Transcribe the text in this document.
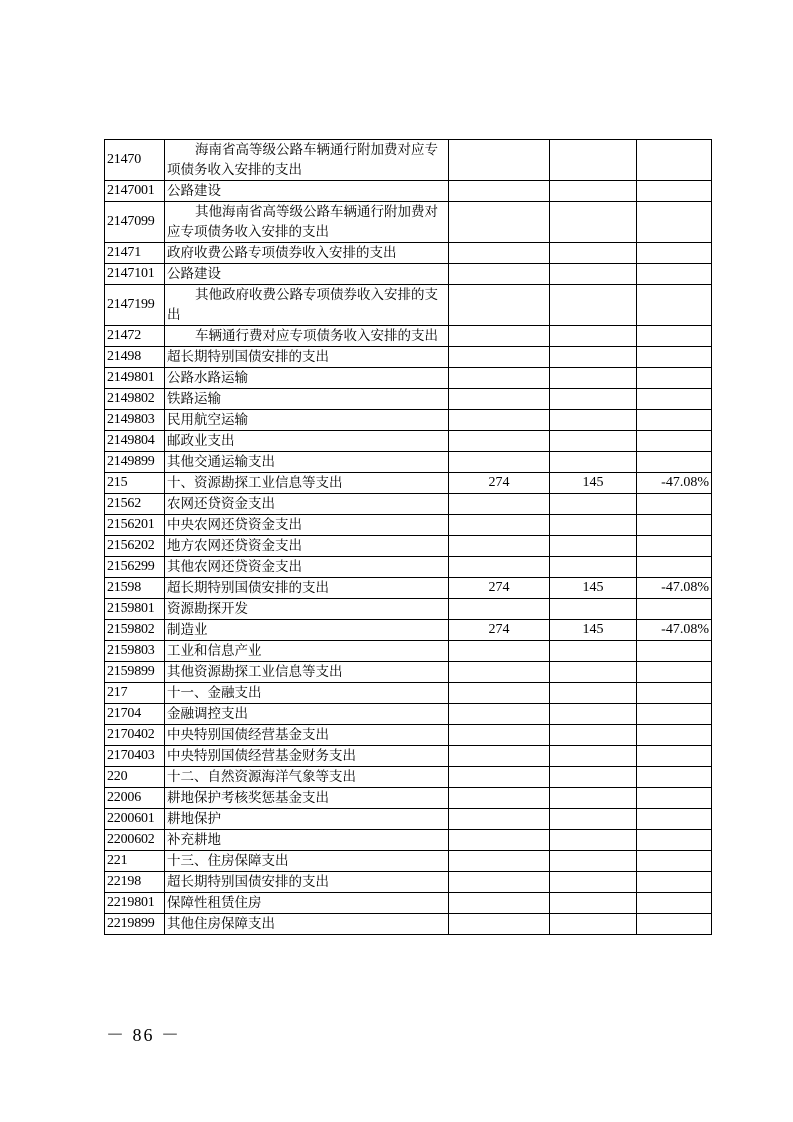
21470	海南省高等级公路车辆通行附加费对应专项债务收入安排的支出			
2147001	公路建设			
2147099	其他海南省高等级公路车辆通行附加费对应专项债务收入安排的支出			
21471	政府收费公路专项债券收入安排的支出			
2147101	公路建设			
2147199	其他政府收费公路专项债券收入安排的支出			
21472	车辆通行费对应专项债务收入安排的支出			
21498	超长期特别国债安排的支出			
2149801	公路水路运输			
2149802	铁路运输			
2149803	民用航空运输			
2149804	邮政业支出			
2149899	其他交通运输支出			
215	十、资源勘探工业信息等支出	274	145	-47.08%
21562	农网还贷资金支出			
2156201	中央农网还贷资金支出			
2156202	地方农网还贷资金支出			
2156299	其他农网还贷资金支出			
21598	超长期特别国债安排的支出	274	145	-47.08%
2159801	资源勘探开发			
2159802	制造业	274	145	-47.08%
2159803	工业和信息产业			
2159899	其他资源勘探工业信息等支出			
217	十一、金融支出			
21704	金融调控支出			
2170402	中央特别国债经营基金支出			
2170403	中央特别国债经营基金财务支出			
220	十二、自然资源海洋气象等支出			
22006	耕地保护考核奖惩基金支出			
2200601	耕地保护			
2200602	补充耕地			
221	十三、住房保障支出			
22198	超长期特别国债安排的支出			
2219801	保障性租赁住房			
2219899	其他住房保障支出			
－ 86 －
